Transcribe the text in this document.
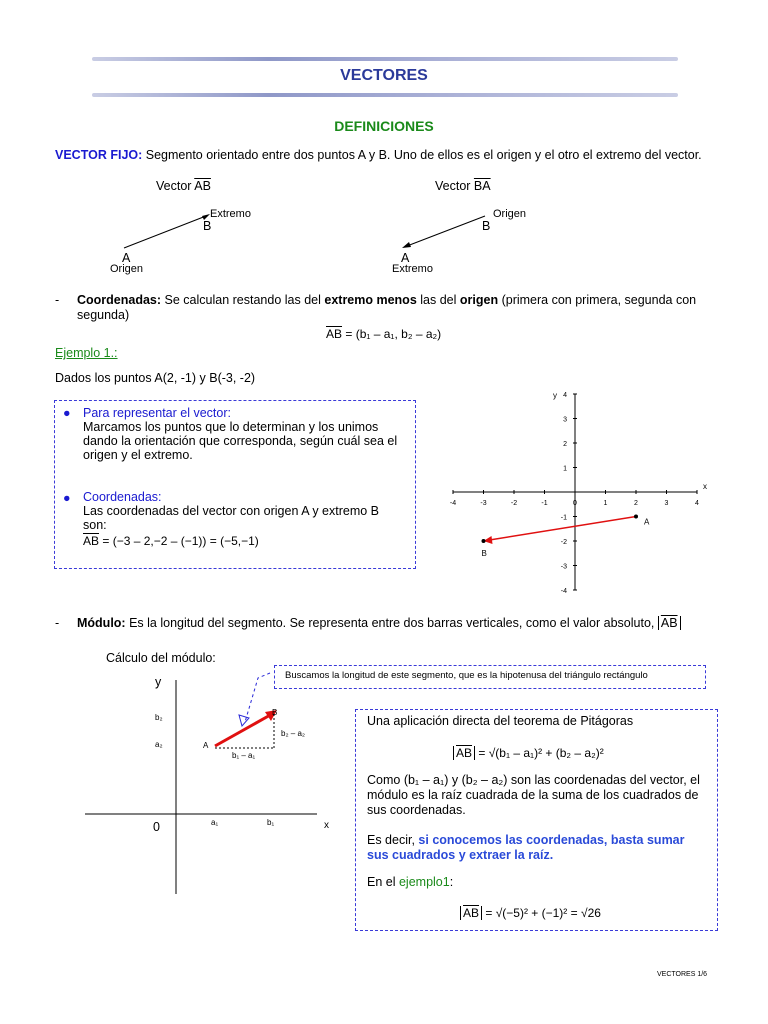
VECTORES
DEFINICIONES
VECTOR FIJO: Segmento orientado entre dos puntos A y B. Uno de ellos es el origen y el otro el extremo del vector.
Vector $\overline{AB}$
Extremo
B
A
Origen
Vector $\overline{BA}$
Origen
B
A
Extremo
- Coordenadas: Se calculan restando las del extremo menos las del origen (primera con primera, segunda con segunda)
$\overline{AB} = (b_1 - a_1$, b₂ – a₂)
Ejemplo 1.:
Dados los puntos A(2, -1) y B(-3, -2)
● Para representar el vector:
Marcamos los puntos que lo determinan y los unimos dando la orientación que corresponda, según cuál sea el origen y el extremo.
● Coordenadas:
Las coordenadas del vector con origen A y extremo B son:
$\overline{AB} = (-3 - 2,-2 - (-1)) = (-5,-1)$
-4	-3	-2	-1	0	1	2	3	4
4
3
2
1
-1
-2
-3
-4
x
y
A
B
- Módulo: Es la longitud del segmento. Se representa entre dos barras verticales, como el valor absoluto, $\overline{AB}$
Cálculo del módulo:
Buscamos la longitud de este segmento, que es la hipotenusa del triángulo rectángulo
y
x
0
b₂
a₂
a₁	b₁
A
B
b₂ – a₂
b₁ – a₁
Una aplicación directa del teorema de Pitágoras
$\overline{AB} = √(b_1 - a_1)^2 + (b_2 - a_2)^2$
Como (b₁ – a₁) y (b₂ – a₂) son las coordenadas del vector, el módulo es la raíz cuadrada de la suma de los cuadrados de sus coordenadas.
Es decir, si conocemos las coordenadas, basta sumar sus cuadrados y extraer la raíz.
En el ejemplo1:
$\overline{AB} = √(-5)^2 + (-1)^2 = √26$
VECTORES 1/6
